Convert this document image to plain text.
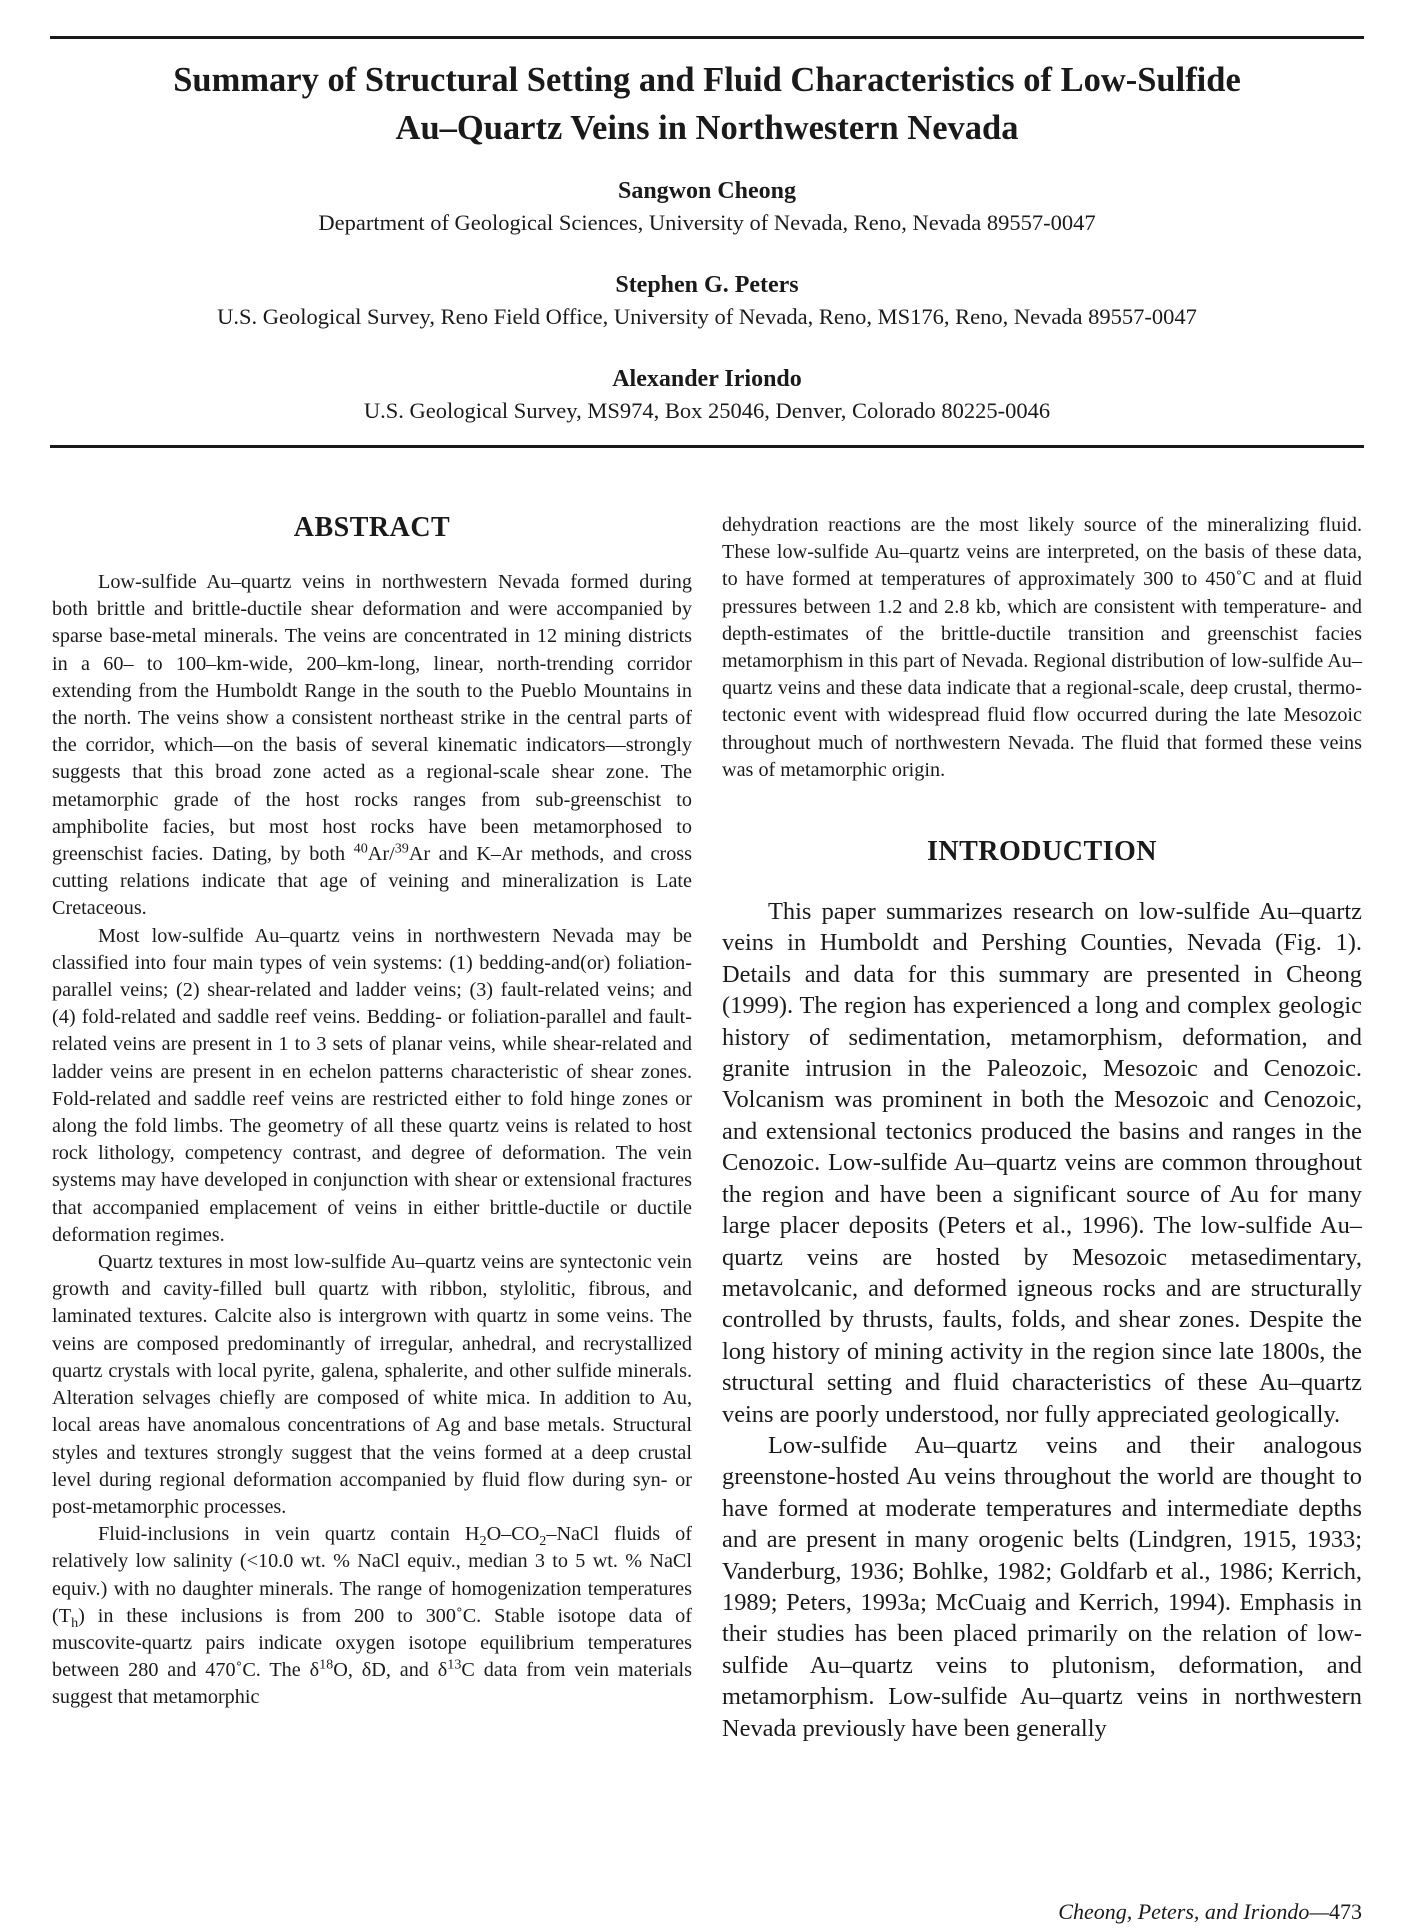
Summary of Structural Setting and Fluid Characteristics of Low-Sulfide
Au–Quartz Veins in Northwestern Nevada
Sangwon Cheong
Department of Geological Sciences, University of Nevada, Reno, Nevada 89557-0047
Stephen G. Peters
U.S. Geological Survey, Reno Field Office, University of Nevada, Reno, MS176, Reno, Nevada 89557-0047
Alexander Iriondo
U.S. Geological Survey, MS974, Box 25046, Denver, Colorado 80225-0046
ABSTRACT

Low-sulfide Au–quartz veins in northwestern Nevada formed during both brittle and brittle-ductile shear deformation and were accompanied by sparse base-metal minerals. The veins are concentrated in 12 mining districts in a 60– to 100–km-wide, 200–km-long, linear, north-trending corridor extending from the Humboldt Range in the south to the Pueblo Mountains in the north. The veins show a consistent northeast strike in the central parts of the corridor, which—on the basis of several kinematic indicators—strongly suggests that this broad zone acted as a regional-scale shear zone. The metamorphic grade of the host rocks ranges from sub-greenschist to amphibolite facies, but most host rocks have been metamorphosed to greenschist facies. Dating, by both $^{40}$Ar/$^{39}$Ar and K–Ar methods, and cross cutting relations indicate that age of veining and mineralization is Late Cretaceous.

Most low-sulfide Au–quartz veins in northwestern Nevada may be classified into four main types of vein systems: (1) bedding-and(or) foliation-parallel veins; (2) shear-related and ladder veins; (3) fault-related veins; and (4) fold-related and saddle reef veins. Bedding- or foliation-parallel and fault-related veins are present in 1 to 3 sets of planar veins, while shear-related and ladder veins are present in en echelon patterns characteristic of shear zones. Fold-related and saddle reef veins are restricted either to fold hinge zones or along the fold limbs. The geometry of all these quartz veins is related to host rock lithology, competency contrast, and degree of deformation. The vein systems may have developed in conjunction with shear or extensional fractures that accompanied emplacement of veins in either brittle-ductile or ductile deformation regimes.

Quartz textures in most low-sulfide Au–quartz veins are syntectonic vein growth and cavity-filled bull quartz with ribbon, stylolitic, fibrous, and laminated textures. Calcite also is intergrown with quartz in some veins. The veins are composed predominantly of irregular, anhedral, and recrystallized quartz crystals with local pyrite, galena, sphalerite, and other sulfide minerals. Alteration selvages chiefly are composed of white mica. In addition to Au, local areas have anomalous concentrations of Ag and base metals. Structural styles and textures strongly suggest that the veins formed at a deep crustal level during regional deformation accompanied by fluid flow during syn- or post-metamorphic processes.

Fluid-inclusions in vein quartz contain $H_2O-CO_2$–NaCl fluids of relatively low salinity (<10.0 wt. % NaCl equiv., median 3 to 5 wt. % NaCl equiv.) with no daughter minerals. The range of homogenization temperatures $(T_h)$ in these inclusions is from 200 to 300˚C. Stable isotope data of muscovite-quartz pairs indicate oxygen isotope equilibrium temperatures between 280 and 470˚C. The $\delta^{18}O$, δD, and $\delta^{13}C$ data from vein materials suggest that metamorphic

dehydration reactions are the most likely source of the mineralizing fluid. These low-sulfide Au–quartz veins are interpreted, on the basis of these data, to have formed at temperatures of approximately 300 to 450˚C and at fluid pressures between 1.2 and 2.8 kb, which are consistent with temperature- and depth-estimates of the brittle-ductile transition and greenschist facies metamorphism in this part of Nevada. Regional distribution of low-sulfide Au–quartz veins and these data indicate that a regional-scale, deep crustal, thermo-tectonic event with widespread fluid flow occurred during the late Mesozoic throughout much of northwestern Nevada. The fluid that formed these veins was of metamorphic origin.

INTRODUCTION

This paper summarizes research on low-sulfide Au–quartz veins in Humboldt and Pershing Counties, Nevada (Fig. 1). Details and data for this summary are presented in Cheong (1999). The region has experienced a long and complex geologic history of sedimentation, metamorphism, deformation, and granite intrusion in the Paleozoic, Mesozoic and Cenozoic. Volcanism was prominent in both the Mesozoic and Cenozoic, and extensional tectonics produced the basins and ranges in the Cenozoic. Low-sulfide Au–quartz veins are common throughout the region and have been a significant source of Au for many large placer deposits (Peters et al., 1996). The low-sulfide Au–quartz veins are hosted by Mesozoic metasedimentary, metavolcanic, and deformed igneous rocks and are structurally controlled by thrusts, faults, folds, and shear zones. Despite the long history of mining activity in the region since late 1800s, the structural setting and fluid characteristics of these Au–quartz veins are poorly understood, nor fully appreciated geologically.

Low-sulfide Au–quartz veins and their analogous greenstone-hosted Au veins throughout the world are thought to have formed at moderate temperatures and intermediate depths and are present in many orogenic belts (Lindgren, 1915, 1933; Vanderburg, 1936; Bohlke, 1982; Goldfarb et al., 1986; Kerrich, 1989; Peters, 1993a; McCuaig and Kerrich, 1994). Emphasis in their studies has been placed primarily on the relation of low-sulfide Au–quartz veins to plutonism, deformation, and metamorphism. Low-sulfide Au–quartz veins in northwestern Nevada previously have been generally

Cheong, Peters, and Iriondo—473
